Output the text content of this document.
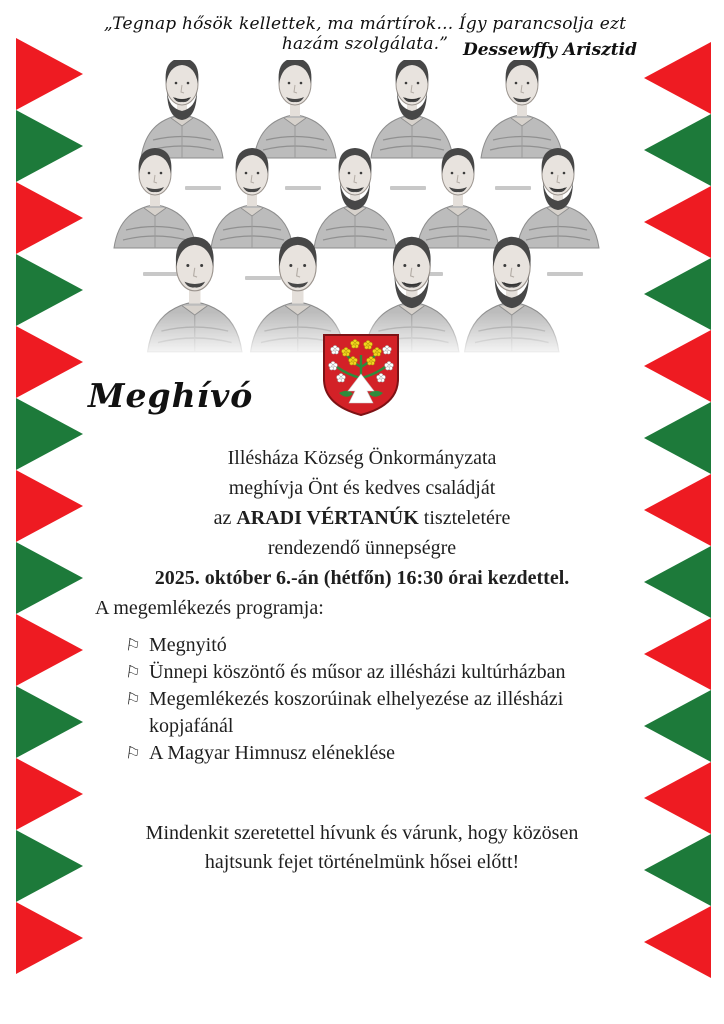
„Tegnap hősök kellettek, ma mártírok... Így parancsolja ezt hazám szolgálata.” Dessewffy Arisztid
Meghívó
Illésháza Község Önkormányzata
meghívja Önt és kedves családját
az ARADI VÉRTANÚK tiszteletére
rendezendő ünnepségre
2025. október 6.-án (hétfőn) 16:30 órai kezdettel.
A megemlékezés programja:
⚐ Megnyitó
⚐ Ünnepi köszöntő és műsor az illésházi kultúrházban
⚐ Megemlékezés koszorúinak elhelyezése az illésházi kopjafánál
⚐ A Magyar Himnusz eléneklése
Mindenkit szeretettel hívunk és várunk, hogy közösen
hajtsunk fejet történelmünk hősei előtt!
